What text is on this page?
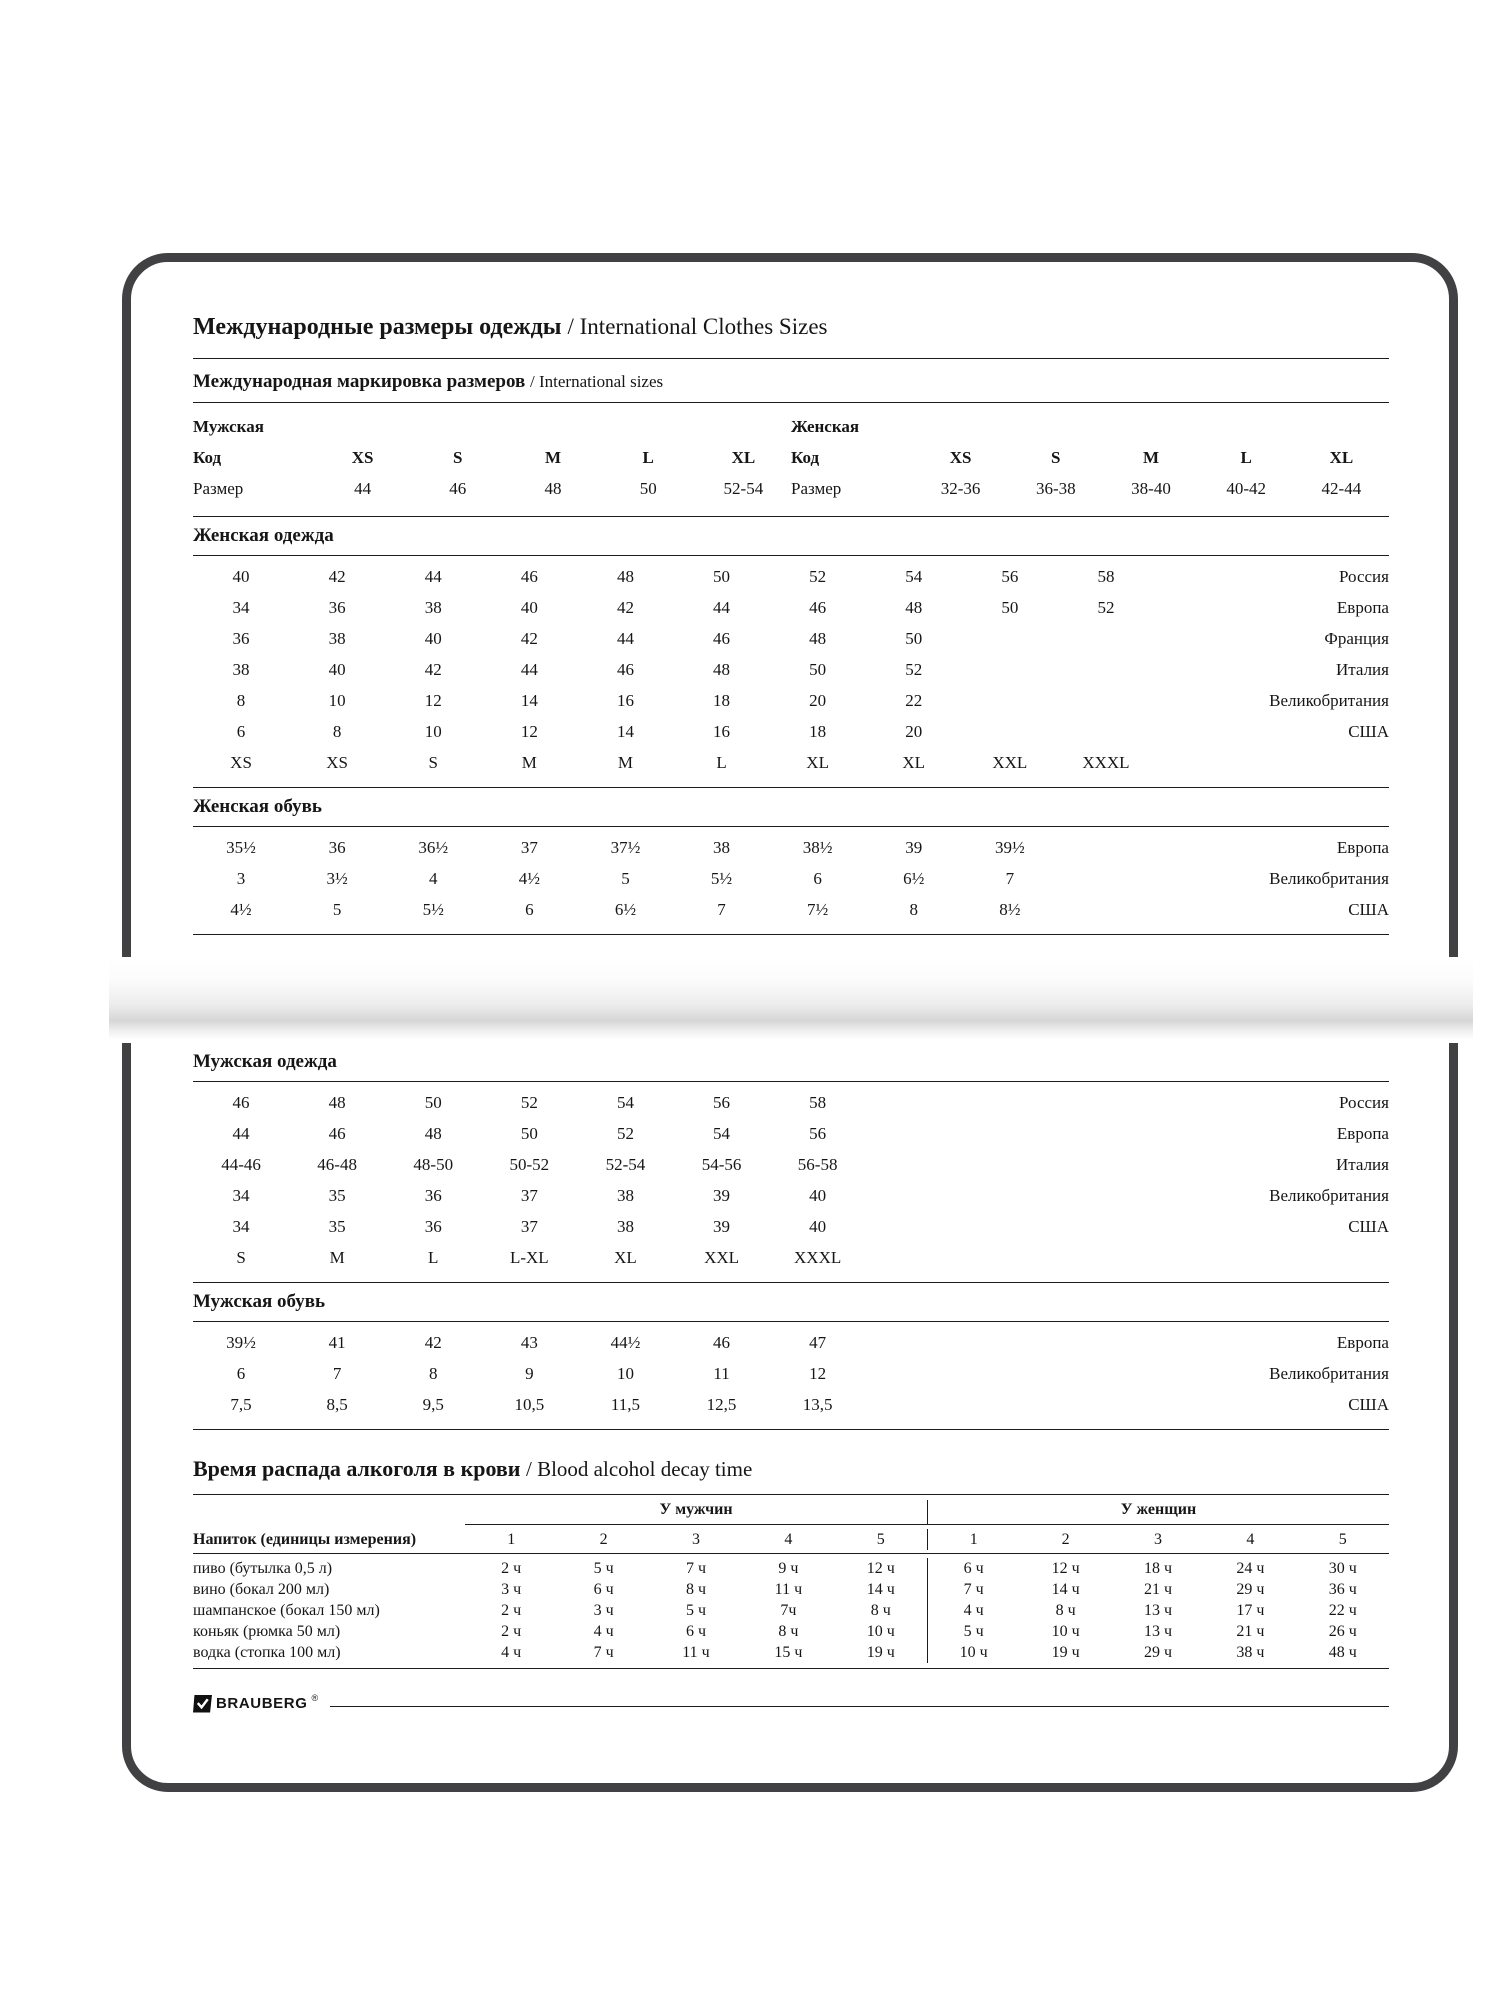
Международные размеры одежды / International Clothes Sizes
Международная маркировка размеров / International sizes
Мужская
Код	XS	S	M	L	XL
Размер	44	46	48	50	52-54
Женская
Код	XS	S	M	L	XL
Размер	32-36	36-38	38-40	40-42	42-44
Женская одежда
40	42	44	46	48	50	52	54	56	58	Россия
34	36	38	40	42	44	46	48	50	52	Европа
36	38	40	42	44	46	48	50	Франция
38	40	42	44	46	48	50	52	Италия
8	10	12	14	16	18	20	22	Великобритания
6	8	10	12	14	16	18	20	США
XS	XS	S	M	M	L	XL	XL	XXL	XXXL
Женская обувь
35½	36	36½	37	37½	38	38½	39	39½	Европа
3	3½	4	4½	5	5½	6	6½	7	Великобритания
4½	5	5½	6	6½	7	7½	8	8½	США
Мужская одежда
46	48	50	52	54	56	58	Россия
44	46	48	50	52	54	56	Европа
44-46	46-48	48-50	50-52	52-54	54-56	56-58	Италия
34	35	36	37	38	39	40	Великобритания
34	35	36	37	38	39	40	США
S	M	L	L-XL	XL	XXL	XXXL
Мужская обувь
39½	41	42	43	44½	46	47	Европа
6	7	8	9	10	11	12	Великобритания
7,5	8,5	9,5	10,5	11,5	12,5	13,5	США
Время распада алкоголя в крови / Blood alcohol decay time
У мужчин	У женщин
Напиток (единицы измерения)	1	2	3	4	5	1	2	3	4	5
пиво (бутылка 0,5 л)	2 ч	5 ч	7 ч	9 ч	12 ч	6 ч	12 ч	18 ч	24 ч	30 ч
вино (бокал 200 мл)	3 ч	6 ч	8 ч	11 ч	14 ч	7 ч	14 ч	21 ч	29 ч	36 ч
шампанское (бокал 150 мл)	2 ч	3 ч	5 ч	7ч	8 ч	4 ч	8 ч	13 ч	17 ч	22 ч
коньяк (рюмка 50 мл)	2 ч	4 ч	6 ч	8 ч	10 ч	5 ч	10 ч	13 ч	21 ч	26 ч
водка (стопка 100 мл)	4 ч	7 ч	11 ч	15 ч	19 ч	10 ч	19 ч	29 ч	38 ч	48 ч
BRAUBERG ®
